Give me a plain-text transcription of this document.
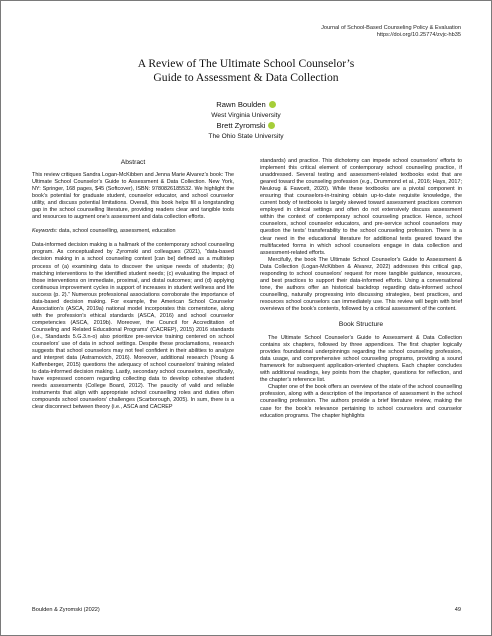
Journal of School-Based Counseling Policy & Evaluation
https://doi.org/10.25774/zvjc-hb35
A Review of The Ultimate School Counselor’s
Guide to Assessment & Data Collection
Rawn Boulden
West Virginia University
Brett Zyromski
The Ohio State University
Abstract

This review critiques Sandra Logan-McKibben and Jenna Marie Alvarez’s book: The Ultimate School Counselor’s Guide to Assessment & Data Collection. New York, NY: Springer, 168 pages, $45 (Softcover), ISBN: 9780826185532. We highlight the book’s potential for graduate student, counselor educator, and school counselor utility, and discuss potential limitations. Overall, this book helps fill a longstanding gap in the school counselling literature, providing readers clear and tangible tools and resources to augment one’s assessment and data collection efforts.

Keywords: data, school counselling, assessment, education

Data-informed decision making is a hallmark of the contemporary school counseling program. As conceptualized by Zyromski and colleagues (2021), “data-based decision making in a school counseling context [can be] defined as a multistep process of (a) examining data to discover the unique needs of students; (b) matching interventions to the identified student needs; (c) evaluating the impact of those interventions on immediate, proximal, and distal outcomes; and (d) applying continuous improvement cycles in support of increases in student wellness and life success (p. 2).” Numerous professional associations corroborate the importance of data-based decision making. For example, the American School Counselor Association’s (ASCA, 2019a) national model incorporates this cornerstone, along with the profession’s ethical standards (ASCA, 2016) and school counselor competencies (ASCA, 2019b). Moreover, the Council for Accreditation of Counseling and Related Educational Programs’ (CACREP), 2015) 2016 standards (i.e., Standards 5.G.3.n-o) also prioritize pre-service training centered on school counselors’ use of data in school settings. Despite these proclamations, research suggests that school counselors may not feel confident in their abilities to analyze and interpret data (Astramovich, 2016). Moreover, additional research (Young & Kaffenberger, 2015) questions the adequacy of school counselors’ training related to data-informed decision making. Lastly, secondary school counselors, specifically, have expressed concern regarding collecting data to develop cohesive student needs assessments (College Board, 2012). The paucity of valid and reliable instruments that align with appropriate school counselling roles and duties often compounds school counselors’ challenges (Scarborough, 2005). In sum, there is a clear disconnect between theory (i.e., ASCA and CACREP

standards) and practice. This dichotomy can impede school counselors’ efforts to implement this critical element of contemporary school counseling practice, if unaddressed. Several testing and assessment-related textbooks exist that are geared toward the counseling profession (e.g., Drummond et al., 2016; Hays, 2017; Neukrug & Fawcett, 2020). While these textbooks are a pivotal component in ensuring that counselors-in-training obtain up-to-date requisite knowledge, the current body of textbooks is largely skewed toward assessment practices common employed in clinical settings and often do not extensively discuss assessment within the context of contemporary school counseling practice. Hence, school counselors, school counselor educators, and pre-service school counselors may question the texts’ transferability to the school counseling profession. There is a clear need in the educational literature for additional texts geared toward the multifaceted forms in which school counselors engage in data collection and assessment-related efforts.

Mercifully, the book The Ultimate School Counselor’s Guide to Assessment & Data Collection (Logan-McKibben & Alvarez, 2022) addresses this critical gap, responding to school counselors’ request for more tangible guidance, resources, and best practices to support their data-informed efforts. Using a conversational tone, the authors offer an historical backdrop regarding data-informed school counselling, naturally progressing into discussing strategies, best practices, and resources school counselors can immediately use. This review will begin with brief overviews of the book’s contents, followed by a critical assessment of the content.

Book Structure

The Ultimate School Counselor’s Guide to Assessment & Data Collection contains six chapters, followed by three appendices. The first chapter logically provides foundational underpinnings regarding the school counseling profession, data usage, and comprehensive school counseling programs, providing a sound framework for subsequent application-oriented chapters. Each chapter concludes with additional readings, key points from the chapter, questions for reflection, and the chapter’s reference list.

Chapter one of the book offers an overview of the state of the school counselling profession, along with a description of the importance of assessment in the school counselling profession. The authors provide a brief literature review, making the case for the book’s relevance pertaining to school counselors and counselor education programs. The chapter highlights

Boulden & Zyromski (2022)	49
